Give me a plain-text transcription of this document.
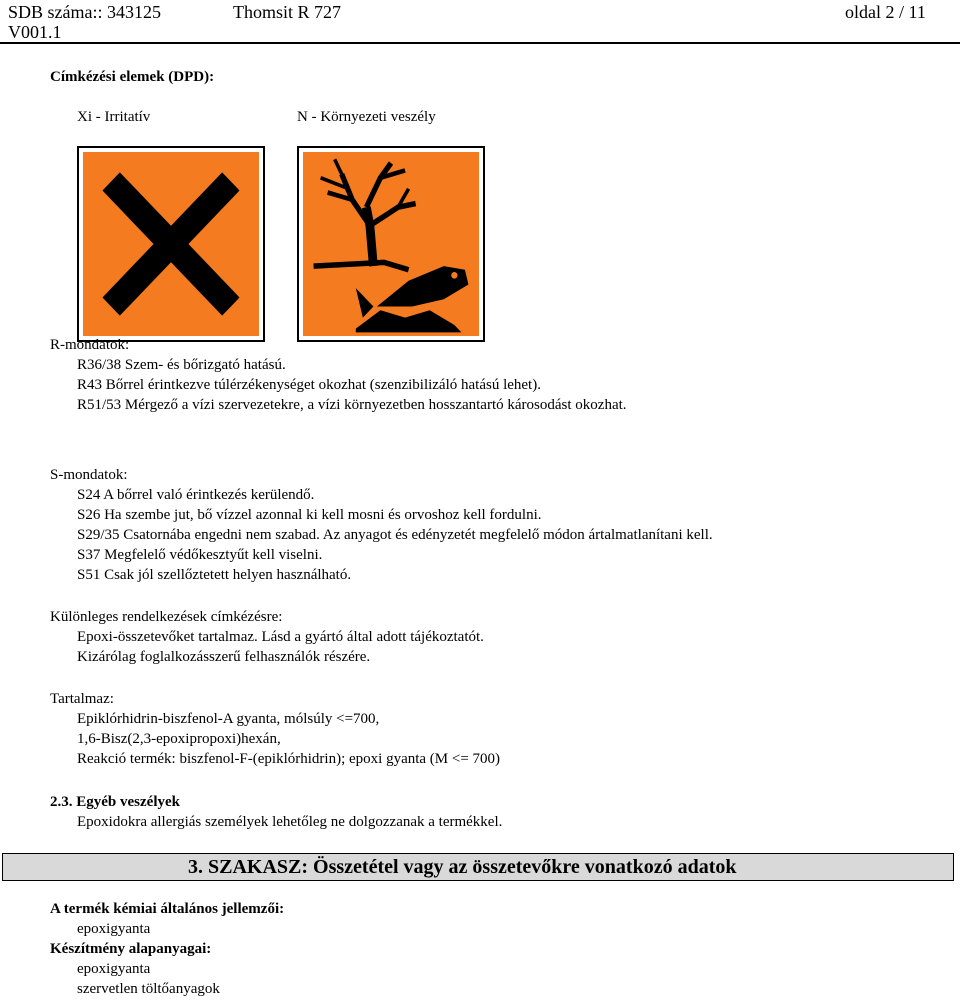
SDB száma:: 343125	Thomsit R 727	oldal 2 / 11
V001.1
Címkézési elemek (DPD):
Xi - Irritatív	N - Környezeti veszély
R-mondatok:
R36/38 Szem- és bőrizgató hatású.
R43 Bőrrel érintkezve túlérzékenységet okozhat (szenzibilizáló hatású lehet).
R51/53 Mérgező a vízi szervezetekre, a vízi környezetben hosszantartó károsodást okozhat.
S-mondatok:
S24 A bőrrel való érintkezés kerülendő.
S26 Ha szembe jut, bő vízzel azonnal ki kell mosni és orvoshoz kell fordulni.
S29/35 Csatornába engedni nem szabad. Az anyagot és edényzetét megfelelő módon ártalmatlanítani kell.
S37 Megfelelő védőkesztyűt kell viselni.
S51 Csak jól szellőztetett helyen használható.
Különleges rendelkezések címkézésre:
Epoxi-összetevőket tartalmaz. Lásd a gyártó által adott tájékoztatót.
Kizárólag foglalkozásszerű felhasználók részére.
Tartalmaz:
Epiklórhidrin-biszfenol-A gyanta, mólsúly <=700,
1,6-Bisz(2,3-epoxipropoxi)hexán,
Reakció termék: biszfenol-F-(epiklórhidrin); epoxi gyanta (M <= 700)
2.3. Egyéb veszélyek
Epoxidokra allergiás személyek lehetőleg ne dolgozzanak a termékkel.
3. SZAKASZ: Összetétel vagy az összetevőkre vonatkozó adatok
A termék kémiai általános jellemzői:
epoxigyanta
Készítmény alapanyagai:
epoxigyanta
szervetlen töltőanyagok
